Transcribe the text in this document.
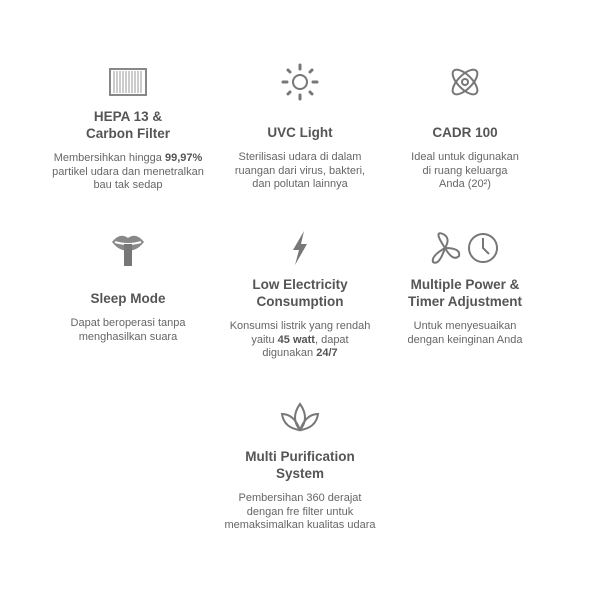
HEPA 13 &
Carbon Filter
Membersihkan hingga 99,97%
partikel udara dan menetralkan
bau tak sedap
UVC Light
Sterilisasi udara di dalam
ruangan dari virus, bakteri,
dan polutan lainnya
CADR 100
Ideal untuk digunakan
di ruang keluarga
Anda (20²)
Sleep Mode
Dapat beroperasi tanpa
menghasilkan suara
Low Electricity
Consumption
Konsumsi listrik yang rendah
yaitu 45 watt, dapat
digunakan 24/7
Multiple Power &
Timer Adjustment
Untuk menyesuaikan
dengan keinginan Anda
Multi Purification
System
Pembersihan 360 derajat
dengan fre filter untuk
memaksimalkan kualitas udara
